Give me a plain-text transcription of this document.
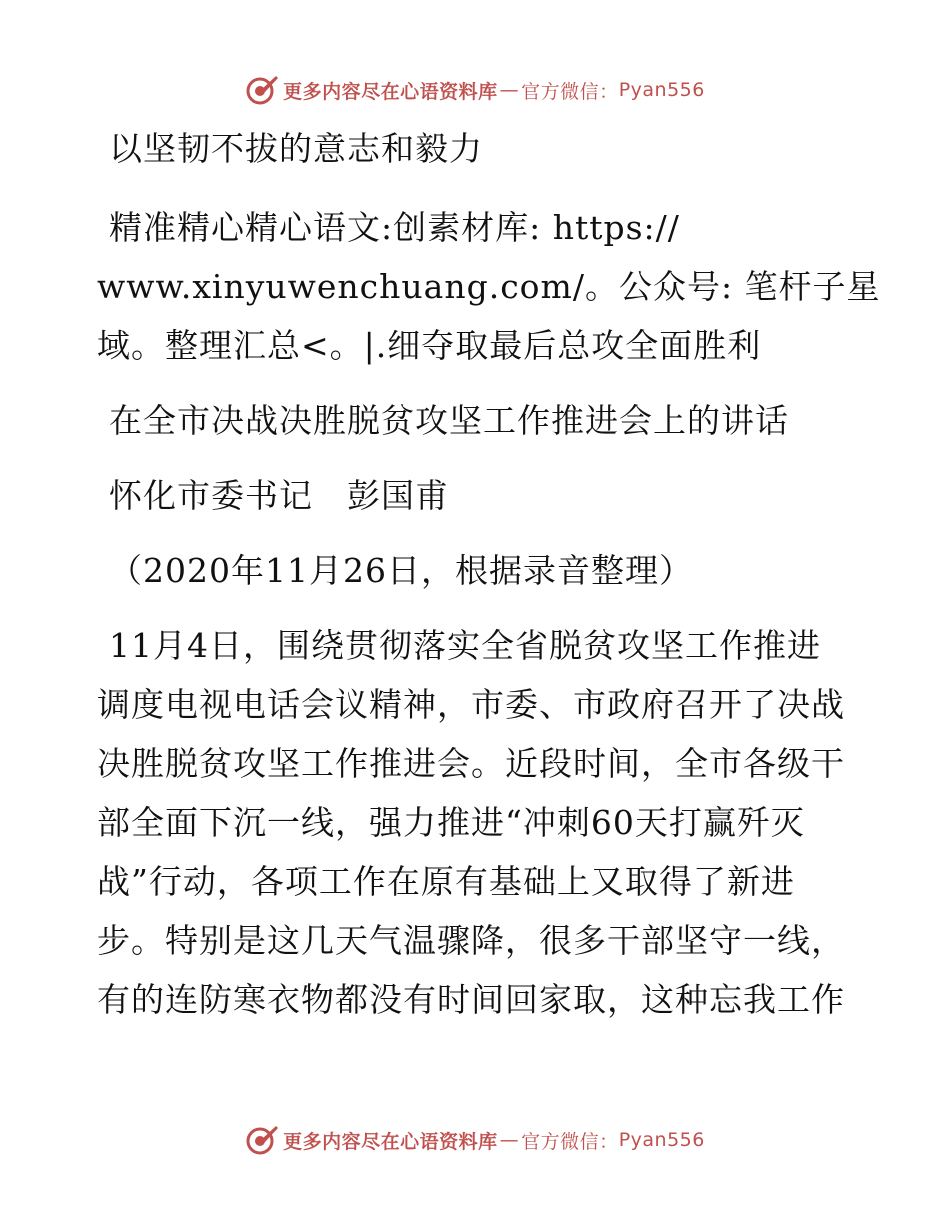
更多内容尽在心语资料库 — 官方微信： Pyan556
以坚韧不拔的意志和毅力
精准精心精心语文:创素材库: https://
www.xinyuwenchuang.com/。公众号: 笔杆子星
域。整理汇总<。|.细夺取最后总攻全面胜利
在全市决战决胜脱贫攻坚工作推进会上的讲话
怀化市委书记　彭国甫
（2020年11月26日，根据录音整理）
11月4日，围绕贯彻落实全省脱贫攻坚工作推进
调度电视电话会议精神，市委、市政府召开了决战
决胜脱贫攻坚工作推进会。近段时间，全市各级干
部全面下沉一线，强力推进“冲刺60天打赢歼灭
战”行动，各项工作在原有基础上又取得了新进
步。特别是这几天气温骤降，很多干部坚守一线，
有的连防寒衣物都没有时间回家取，这种忘我工作
更多内容尽在心语资料库 — 官方微信： Pyan556
